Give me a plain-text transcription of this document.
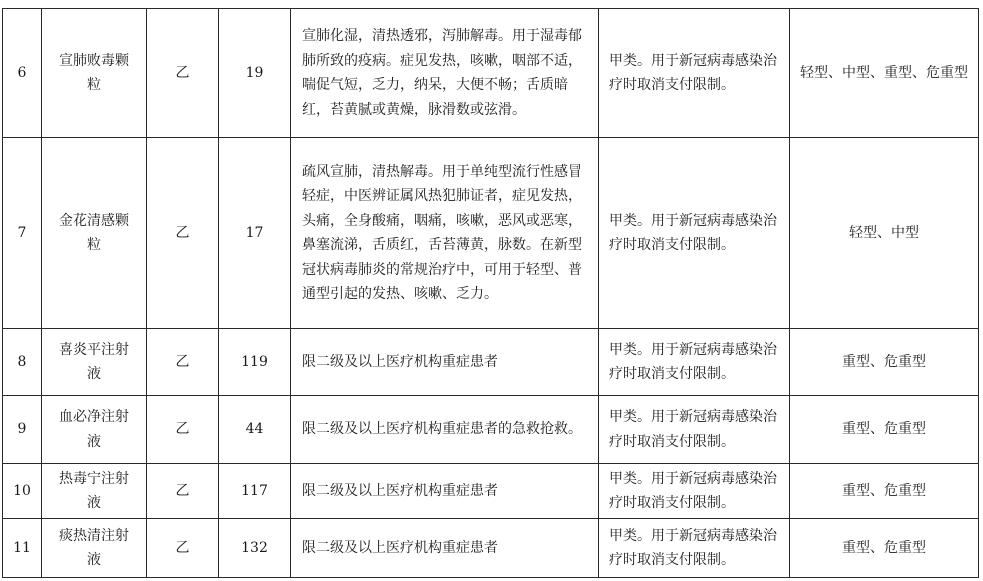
6	宣肺败毒颗粒	乙	19	宣肺化湿，清热透邪，泻肺解毒。用于湿毒郁肺所致的疫病。症见发热，咳嗽，咽部不适，喘促气短，乏力，纳呆，大便不畅；舌质暗红，苔黄腻或黄燥，脉滑数或弦滑。	甲类。用于新冠病毒感染治疗时取消支付限制。	轻型、中型、重型、危重型
7	金花清感颗粒	乙	17	疏风宣肺，清热解毒。用于单纯型流行性感冒轻症，中医辨证属风热犯肺证者，症见发热，头痛，全身酸痛，咽痛，咳嗽，恶风或恶寒，鼻塞流涕，舌质红，舌苔薄黄，脉数。在新型冠状病毒肺炎的常规治疗中，可用于轻型、普通型引起的发热、咳嗽、乏力。	甲类。用于新冠病毒感染治疗时取消支付限制。	轻型、中型
8	喜炎平注射液	乙	119	限二级及以上医疗机构重症患者	甲类。用于新冠病毒感染治疗时取消支付限制。	重型、危重型
9	血必净注射液	乙	44	限二级及以上医疗机构重症患者的急救抢救。	甲类。用于新冠病毒感染治疗时取消支付限制。	重型、危重型
10	热毒宁注射液	乙	117	限二级及以上医疗机构重症患者	甲类。用于新冠病毒感染治疗时取消支付限制。	重型、危重型
11	痰热清注射液	乙	132	限二级及以上医疗机构重症患者	甲类。用于新冠病毒感染治疗时取消支付限制。	重型、危重型
